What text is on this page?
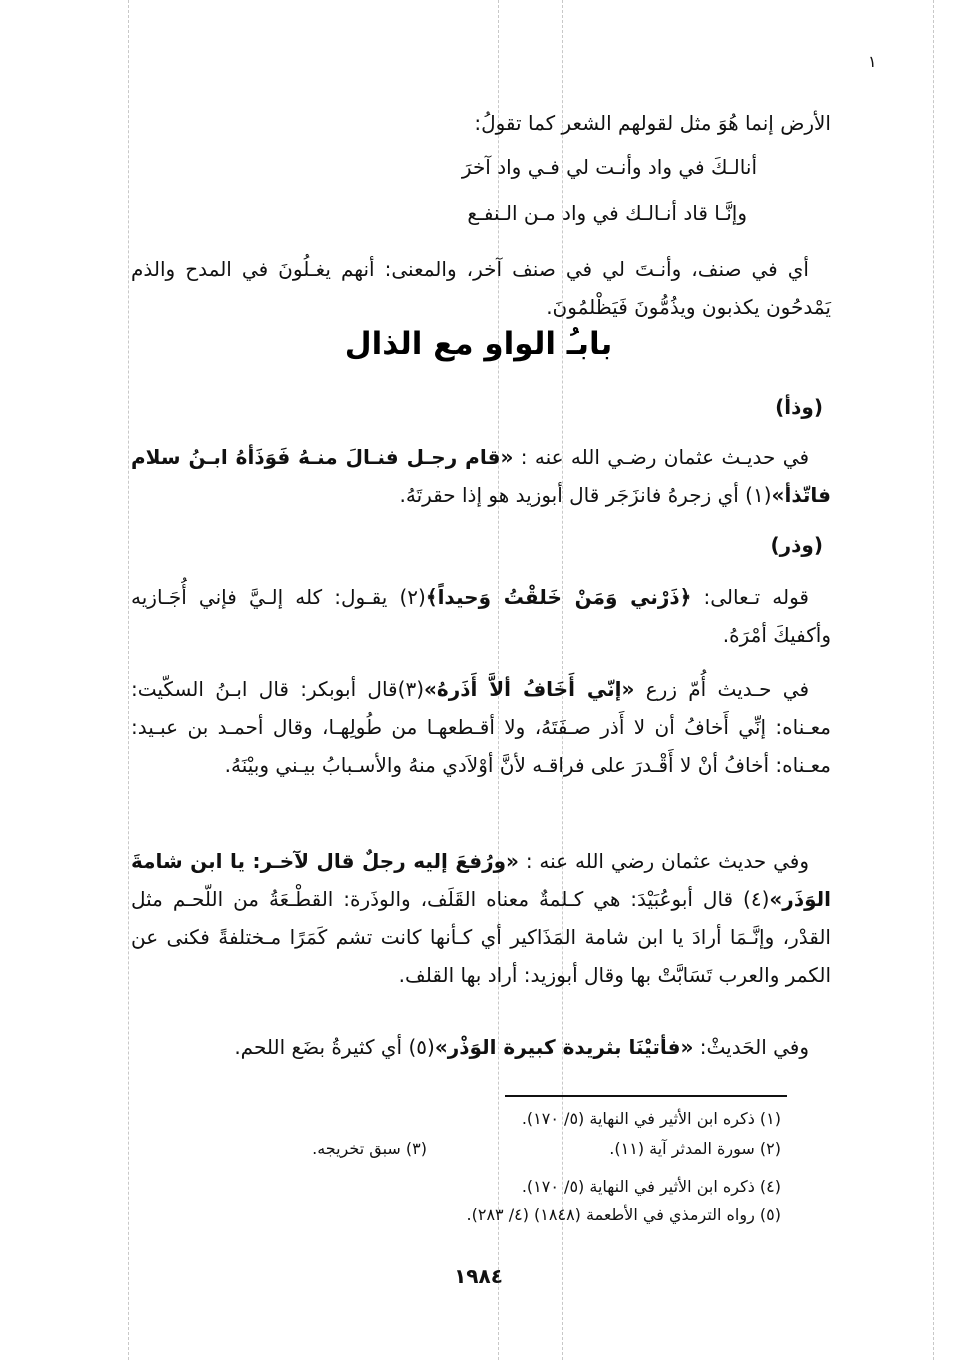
١
الأرض إنما هُوَ مثل لقولهم الشعر كما تقولُ:
أنالـكَ في واد وأنـت لي فـي واد آخرَ
وإنَّـا قاد أنـالـك في واد مـن الـنفـع
أي في صنف، وأنـتَ لي في صنف آخر، والمعنى: أنهم يغـلُونَ في المدح والذم يَمْدحُون يكذبون ويذُمُّونَ فَيَظْلمُونَ.
بابـُ الواو مع الذال
(وذأ)
في حديـث عثمان رضـي الله عنه : «قام رجـل فنـالَ منـهُ فَوَذَأهُ ابـنُ سلام فاتّذأ»(١) أي زجرهُ فانزَجَر قال أبوزيد هو إذا حقرتَهُ.
(وذر)
قوله تـعالى: ﴿ذَرْني وَمَنْ خَلقْتُ وَحيداً﴾(٢) يقـول: كله إلـيَّ فإني أُجَـازيه وأكفيكَ أمْرَهُ.
في حـديث أُمّ زرع «إنّي أَخَافُ ألاَّ أَذَرهُ»(٣)قال أبوبكر: قال ابـنُ السكّيت: معـناه: إنِّي أَخافُ أن لا أَذر صـفَتَهُ، ولا أقـطعهـا من طُولِهـا، وقال أحمـد بن عبـيد: معـناه: أخافُ أنْ لا أَقْـدرَ على فراقـه لأنَّ أوْلاَدي منهُ والأسـبابُ بيـني وبيْنَهُ.
وفي حديث عثمان رضي الله عنه : «ورُفعَ إليه رجلٌ قال لآخـر: يا ابن شامةَ الوَذَر»(٤) قال أبوعُبَيْدَ: هي كـلمةٌ معناه القَلَف، والوذَرة: القطْـعَةُ من اللّحـم مثل القدْر، وإنَّـمَا أرادَ يا ابن شامة المَذَاكير أي كـأنها كانت تشم كَمَرًا مـختلفةً فكنى عن الكمر والعرب تَسَابَّتْ بها وقال أبوزيد: أراد بها القلف.
وفي الحَديثْ: «فأتيْنَا بثريدة كبيرة الوَذْر»(٥) أي كثيرةُ بضَع اللحم.
(١) ذكره ابن الأثير في النهاية (٥/ ١٧٠).
(٢) سورة المدثر آية (١١).
(٣) سبق تخريجه.
(٤) ذكره ابن الأثير في النهاية (٥/ ١٧٠).
(٥) رواه الترمذي في الأطعمة (١٨٤٨) (٤/ ٢٨٣).
١٩٨٤
